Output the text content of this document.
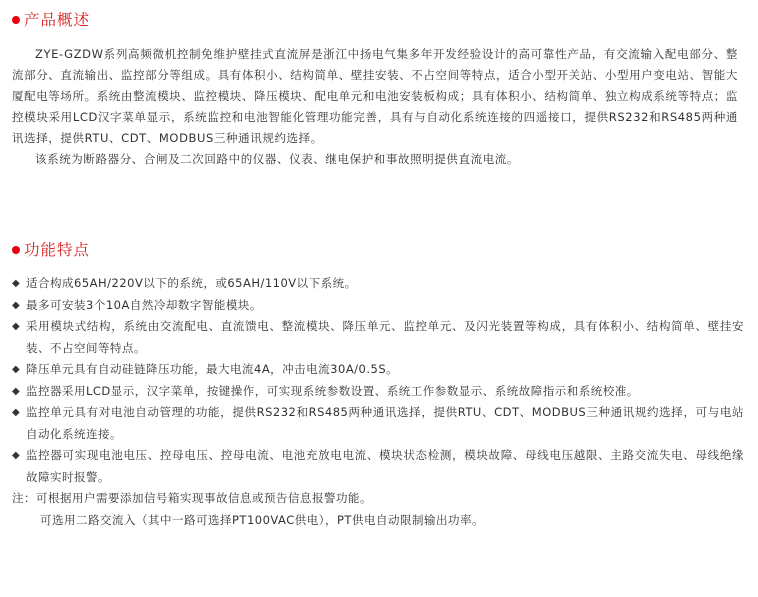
产品概述

ZYE-GZDW系列高频微机控制免维护壁挂式直流屏是浙江中扬电气集多年开发经验设计的高可靠性产品，有交流输入配电部分、整流部分、直流输出、监控部分等组成。具有体积小、结构简单、壁挂安装、不占空间等特点，适合小型开关站、小型用户变电站、智能大厦配电等场所。系统由整流模块、监控模块、降压模块、配电单元和电池安装板构成；具有体积小、结构简单、独立构成系统等特点；监控模块采用LCD汉字菜单显示，系统监控和电池智能化管理功能完善，具有与自动化系统连接的四遥接口，提供RS232和RS485两种通讯选择，提供RTU、CDT、MODBUS三种通讯规约选择。

该系统为断路器分、合闸及二次回路中的仪器、仪表、继电保护和事故照明提供直流电流。

功能特点
◆ 适合构成65AH/220V以下的系统，或65AH/110V以下系统。
◆ 最多可安装3个10A自然冷却数字智能模块。
◆ 采用模块式结构，系统由交流配电、直流馈电、整流模块、降压单元、监控单元、及闪光装置等构成，具有体积小、结构简单、壁挂安装、不占空间等特点。
◆ 降压单元具有自动硅链降压功能，最大电流4A，冲击电流30A/0.5S。
◆ 监控器采用LCD显示，汉字菜单，按键操作，可实现系统参数设置、系统工作参数显示、系统故障指示和系统校准。
◆ 监控单元具有对电池自动管理的功能，提供RS232和RS485两种通讯选择，提供RTU、CDT、MODBUS三种通讯规约选择，可与电站自动化系统连接。
◆ 监控器可实现电池电压、控母电压、控母电流、电池充放电电流、模块状态检测，模块故障、母线电压越限、主路交流失电、母线绝缘故障实时报警。
注：可根据用户需要添加信号箱实现事故信息或预告信息报警功能。
可选用二路交流入（其中一路可选择PT100VAC供电），PT供电自动限制输出功率。
